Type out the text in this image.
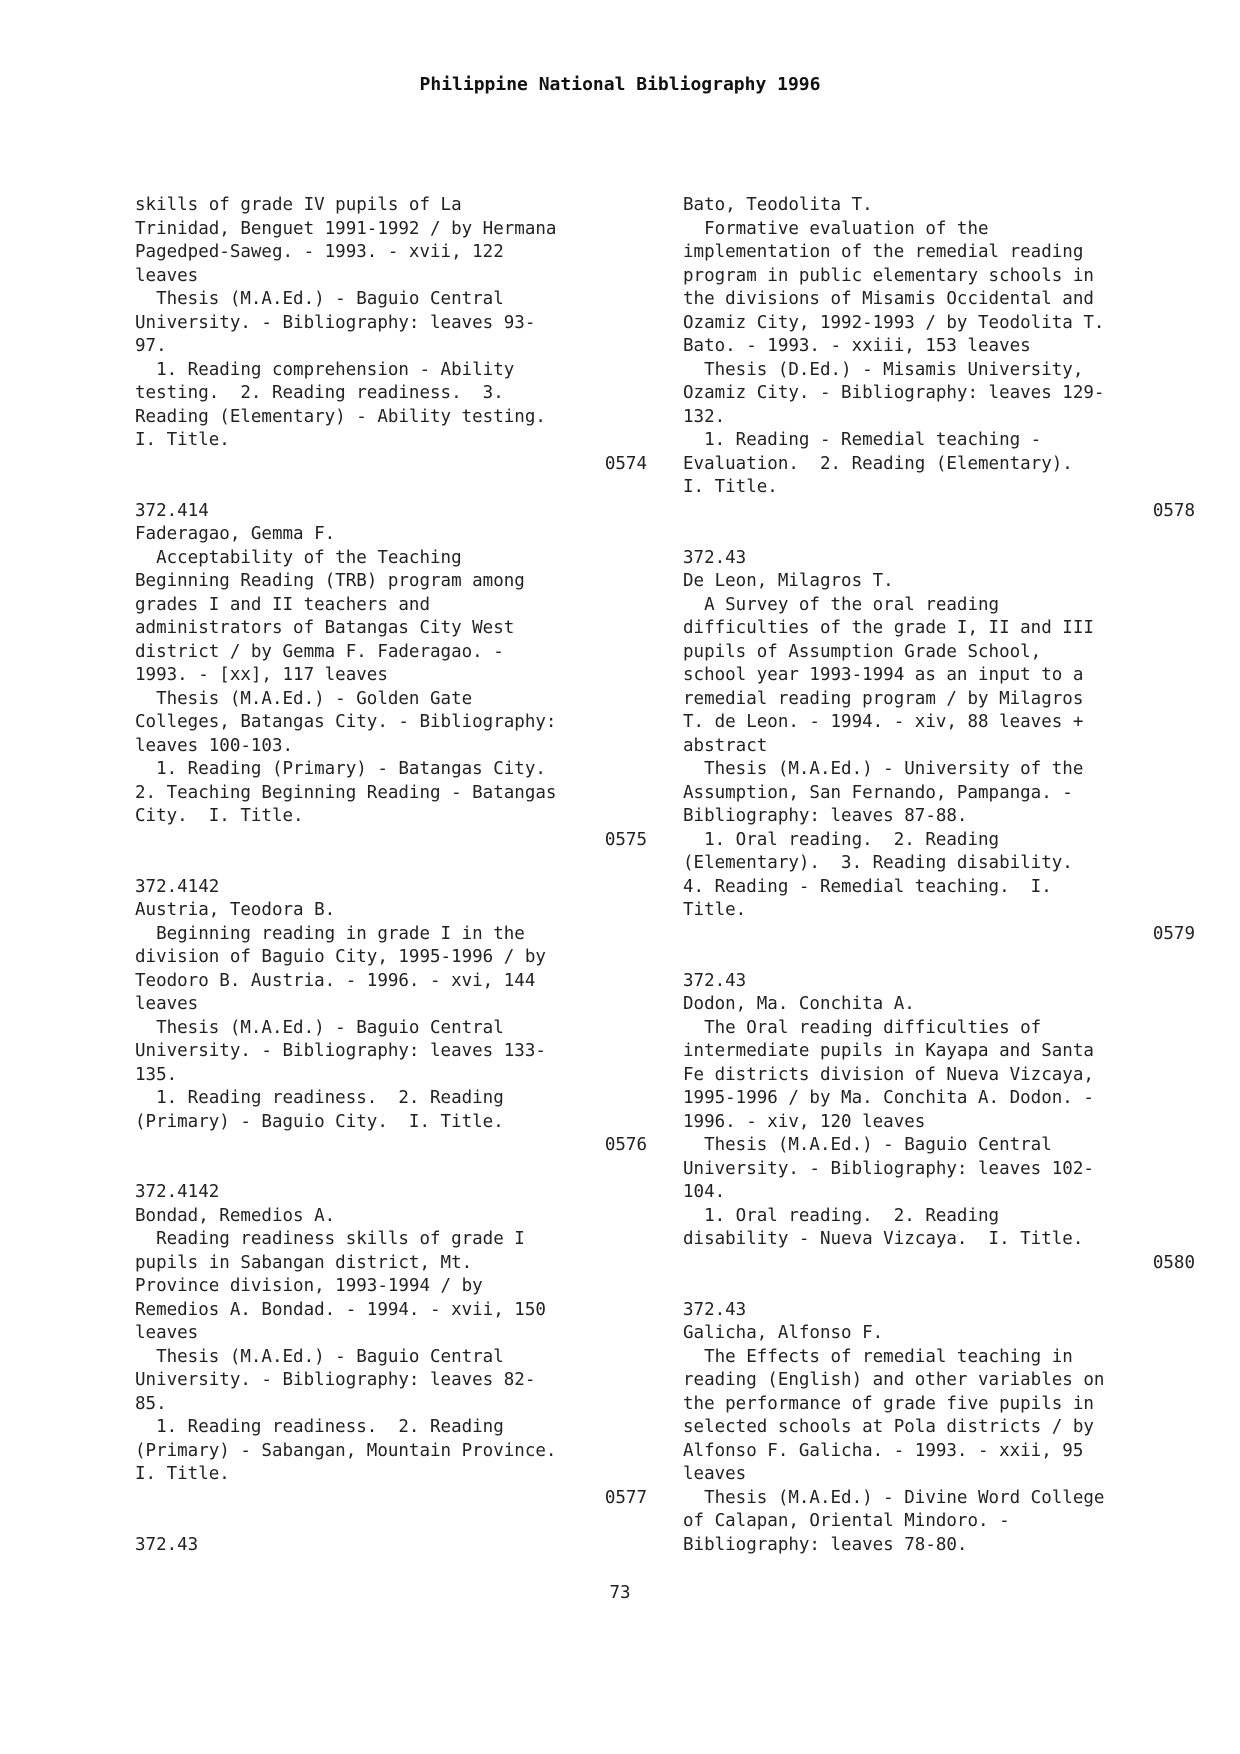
Philippine National Bibliography 1996
skills of grade IV pupils of La
Trinidad, Benguet 1991-1992 / by Hermana
Pagedped-Saweg. - 1993. - xvii, 122
leaves
Thesis (M.A.Ed.) - Baguio Central
University. - Bibliography: leaves 93-
97.
1. Reading comprehension - Ability
testing.  2. Reading readiness.  3.
Reading (Elementary) - Ability testing.
I. Title.
0574
372.414
Faderagao, Gemma F.
Acceptability of the Teaching
Beginning Reading (TRB) program among
grades I and II teachers and
administrators of Batangas City West
district / by Gemma F. Faderagao. -
1993. - [xx], 117 leaves
Thesis (M.A.Ed.) - Golden Gate
Colleges, Batangas City. - Bibliography:
leaves 100-103.
1. Reading (Primary) - Batangas City.
2. Teaching Beginning Reading - Batangas
City.  I. Title.
0575
372.4142
Austria, Teodora B.
Beginning reading in grade I in the
division of Baguio City, 1995-1996 / by
Teodoro B. Austria. - 1996. - xvi, 144
leaves
Thesis (M.A.Ed.) - Baguio Central
University. - Bibliography: leaves 133-
135.
1. Reading readiness.  2. Reading
(Primary) - Baguio City.  I. Title.
0576
372.4142
Bondad, Remedios A.
Reading readiness skills of grade I
pupils in Sabangan district, Mt.
Province division, 1993-1994 / by
Remedios A. Bondad. - 1994. - xvii, 150
leaves
Thesis (M.A.Ed.) - Baguio Central
University. - Bibliography: leaves 82-
85.
1. Reading readiness.  2. Reading
(Primary) - Sabangan, Mountain Province.
I. Title.
0577
372.43
Bato, Teodolita T.
Formative evaluation of the
implementation of the remedial reading
program in public elementary schools in
the divisions of Misamis Occidental and
Ozamiz City, 1992-1993 / by Teodolita T.
Bato. - 1993. - xxiii, 153 leaves
Thesis (D.Ed.) - Misamis University,
Ozamiz City. - Bibliography: leaves 129-
132.
1. Reading - Remedial teaching -
Evaluation.  2. Reading (Elementary).
I. Title.
0578
372.43
De Leon, Milagros T.
A Survey of the oral reading
difficulties of the grade I, II and III
pupils of Assumption Grade School,
school year 1993-1994 as an input to a
remedial reading program / by Milagros
T. de Leon. - 1994. - xiv, 88 leaves +
abstract
Thesis (M.A.Ed.) - University of the
Assumption, San Fernando, Pampanga. -
Bibliography: leaves 87-88.
1. Oral reading.  2. Reading
(Elementary).  3. Reading disability.
4. Reading - Remedial teaching.  I.
Title.
0579
372.43
Dodon, Ma. Conchita A.
The Oral reading difficulties of
intermediate pupils in Kayapa and Santa
Fe districts division of Nueva Vizcaya,
1995-1996 / by Ma. Conchita A. Dodon. -
1996. - xiv, 120 leaves
Thesis (M.A.Ed.) - Baguio Central
University. - Bibliography: leaves 102-
104.
1. Oral reading.  2. Reading
disability - Nueva Vizcaya.  I. Title.
0580
372.43
Galicha, Alfonso F.
The Effects of remedial teaching in
reading (English) and other variables on
the performance of grade five pupils in
selected schools at Pola districts / by
Alfonso F. Galicha. - 1993. - xxii, 95
leaves
Thesis (M.A.Ed.) - Divine Word College
of Calapan, Oriental Mindoro. -
Bibliography: leaves 78-80.
73
